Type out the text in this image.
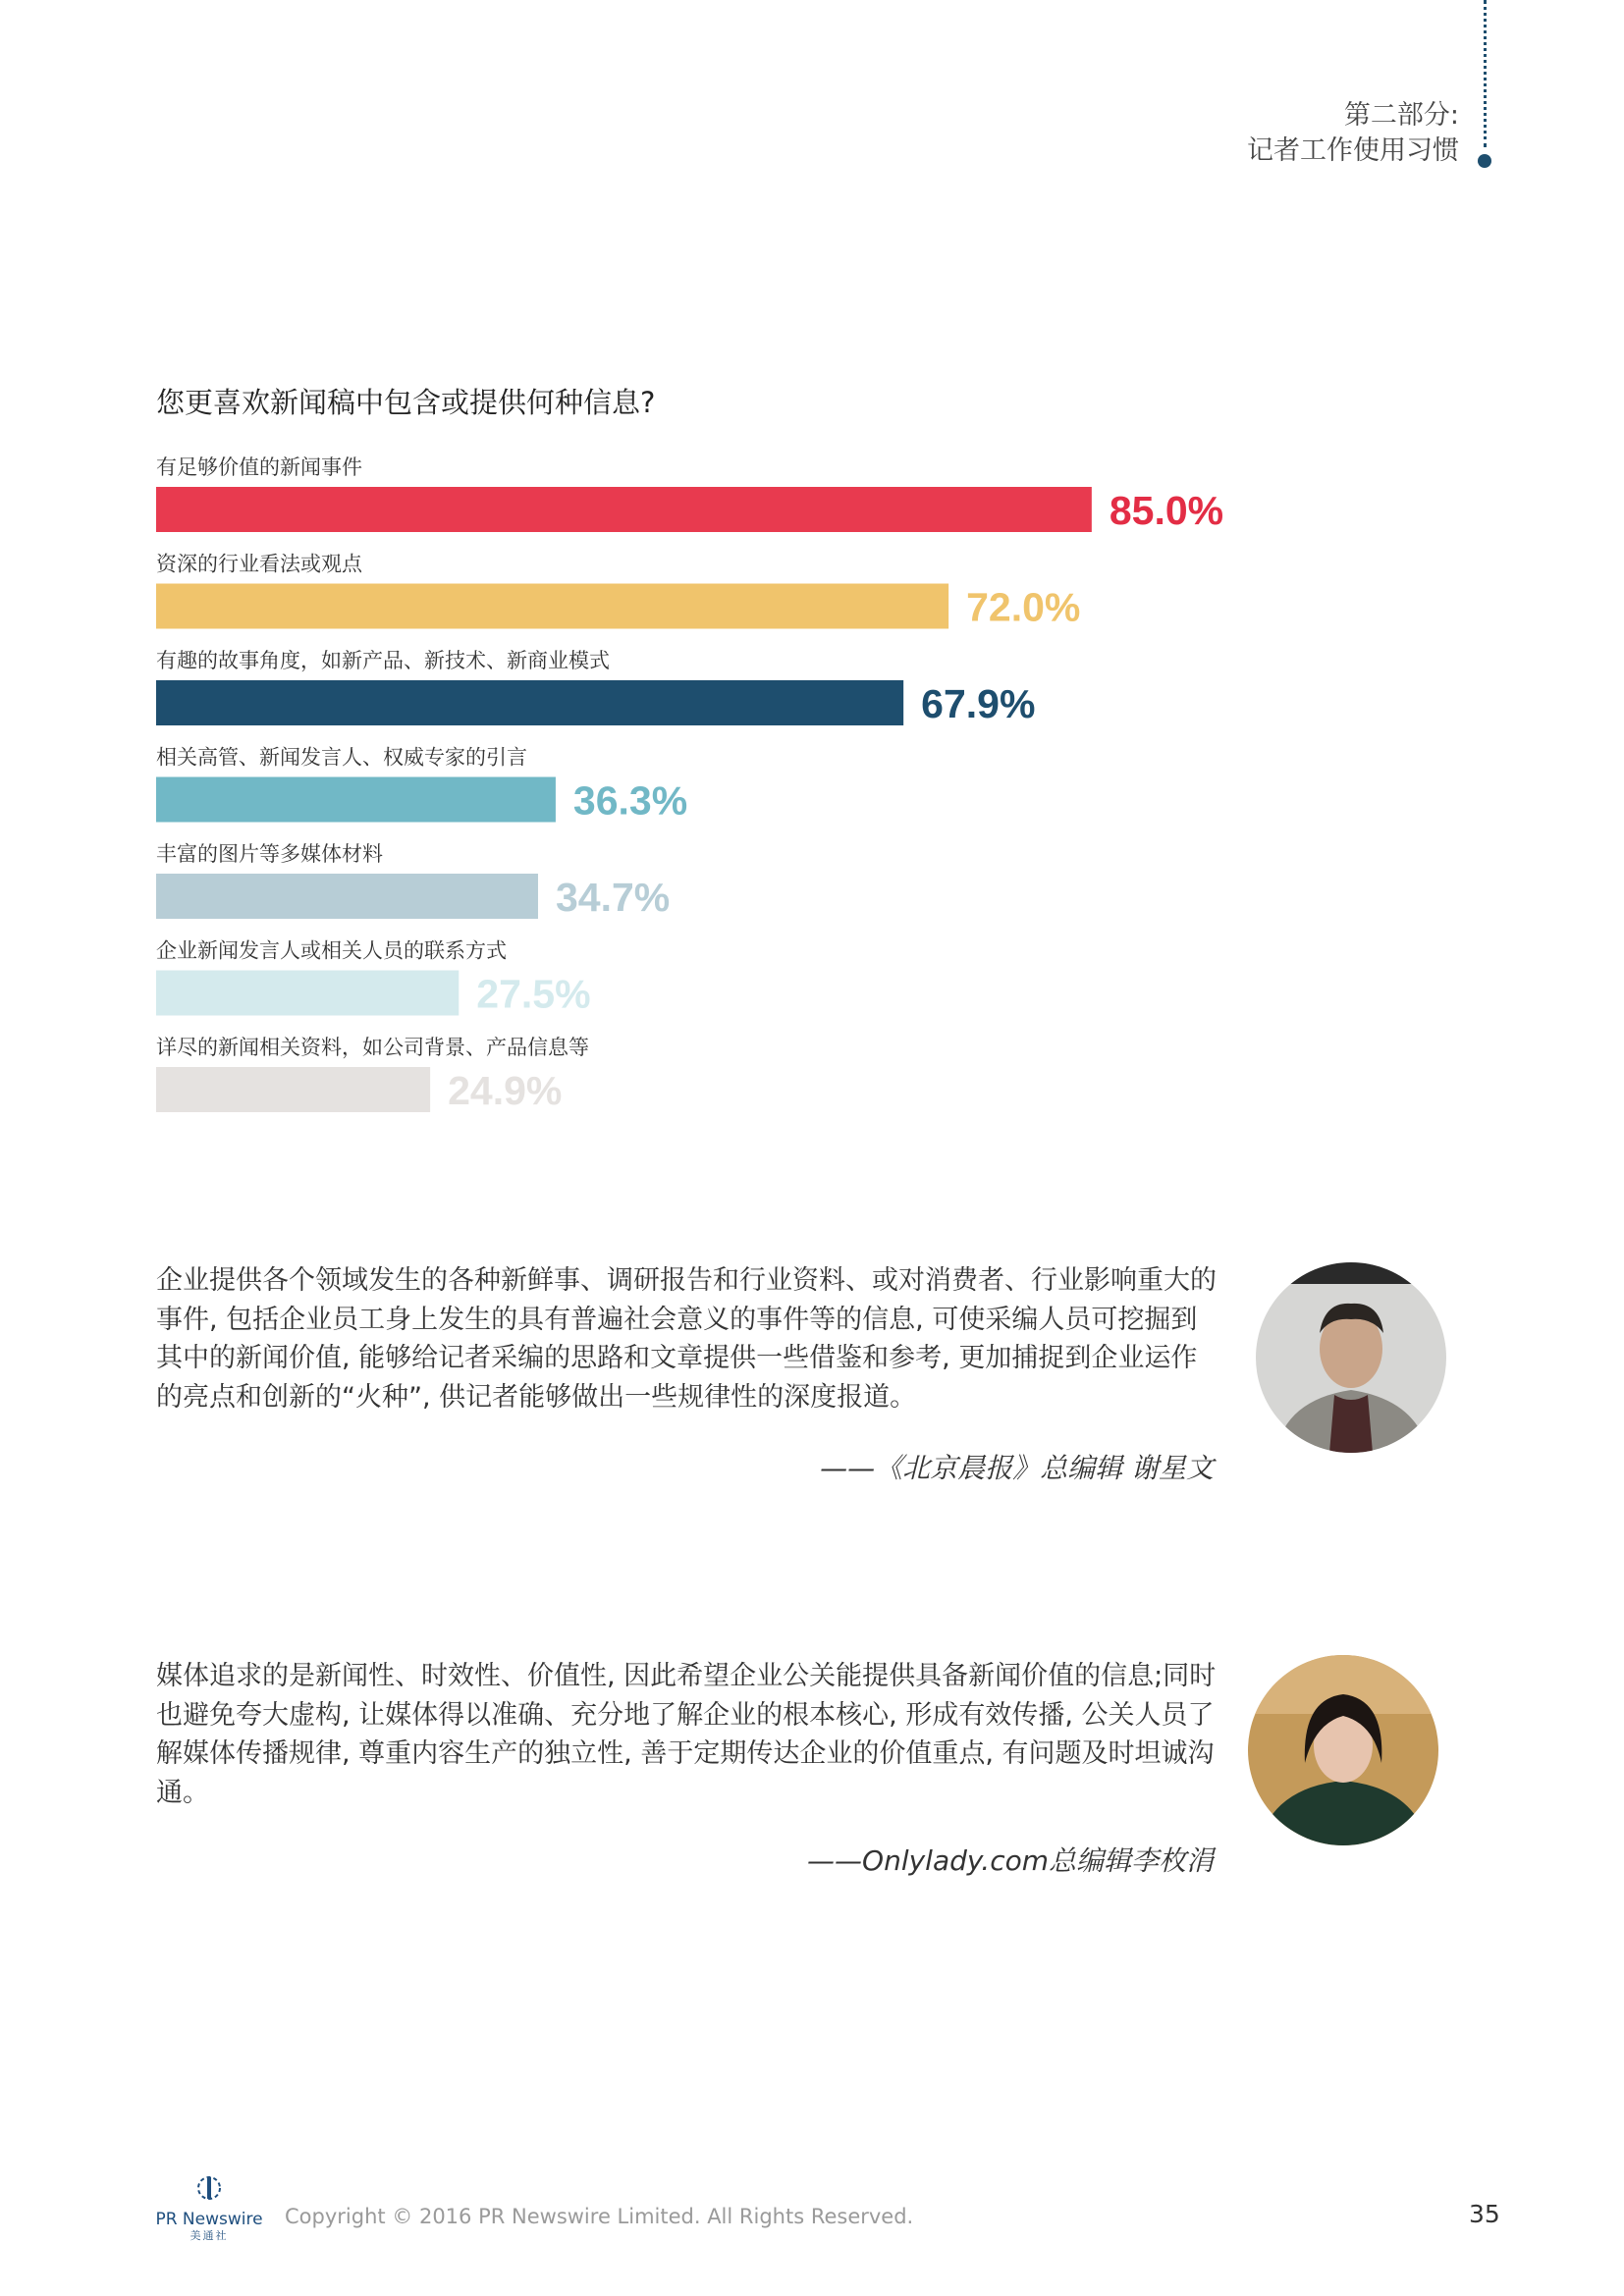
第二部分:
记者工作使用习惯
您更喜欢新闻稿中包含或提供何种信息?
有足够价值的新闻事件
85.0%
资深的行业看法或观点
72.0%
有趣的故事角度，如新产品、新技术、新商业模式
67.9%
相关高管、新闻发言人、权威专家的引言
36.3%
丰富的图片等多媒体材料
34.7%
企业新闻发言人或相关人员的联系方式
27.5%
详尽的新闻相关资料，如公司背景、产品信息等
24.9%
企业提供各个领域发生的各种新鲜事、调研报告和行业资料、或对消费者、行业影响重大的事件, 包括企业员工身上发生的具有普遍社会意义的事件等的信息, 可使采编人员可挖掘到其中的新闻价值, 能够给记者采编的思路和文章提供一些借鉴和参考, 更加捕捉到企业运作的亮点和创新的“火种”, 供记者能够做出一些规律性的深度报道。
——《北京晨报》总编辑 谢星文
媒体追求的是新闻性、时效性、价值性, 因此希望企业公关能提供具备新闻价值的信息;同时也避免夸大虚构, 让媒体得以准确、充分地了解企业的根本核心, 形成有效传播, 公关人员了解媒体传播规律, 尊重内容生产的独立性, 善于定期传达企业的价值重点, 有问题及时坦诚沟通。
——Onlylady.com总编辑李枚涓
PR Newswire
美通社
Copyright © 2016 PR Newswire Limited. All Rights Reserved.	35
